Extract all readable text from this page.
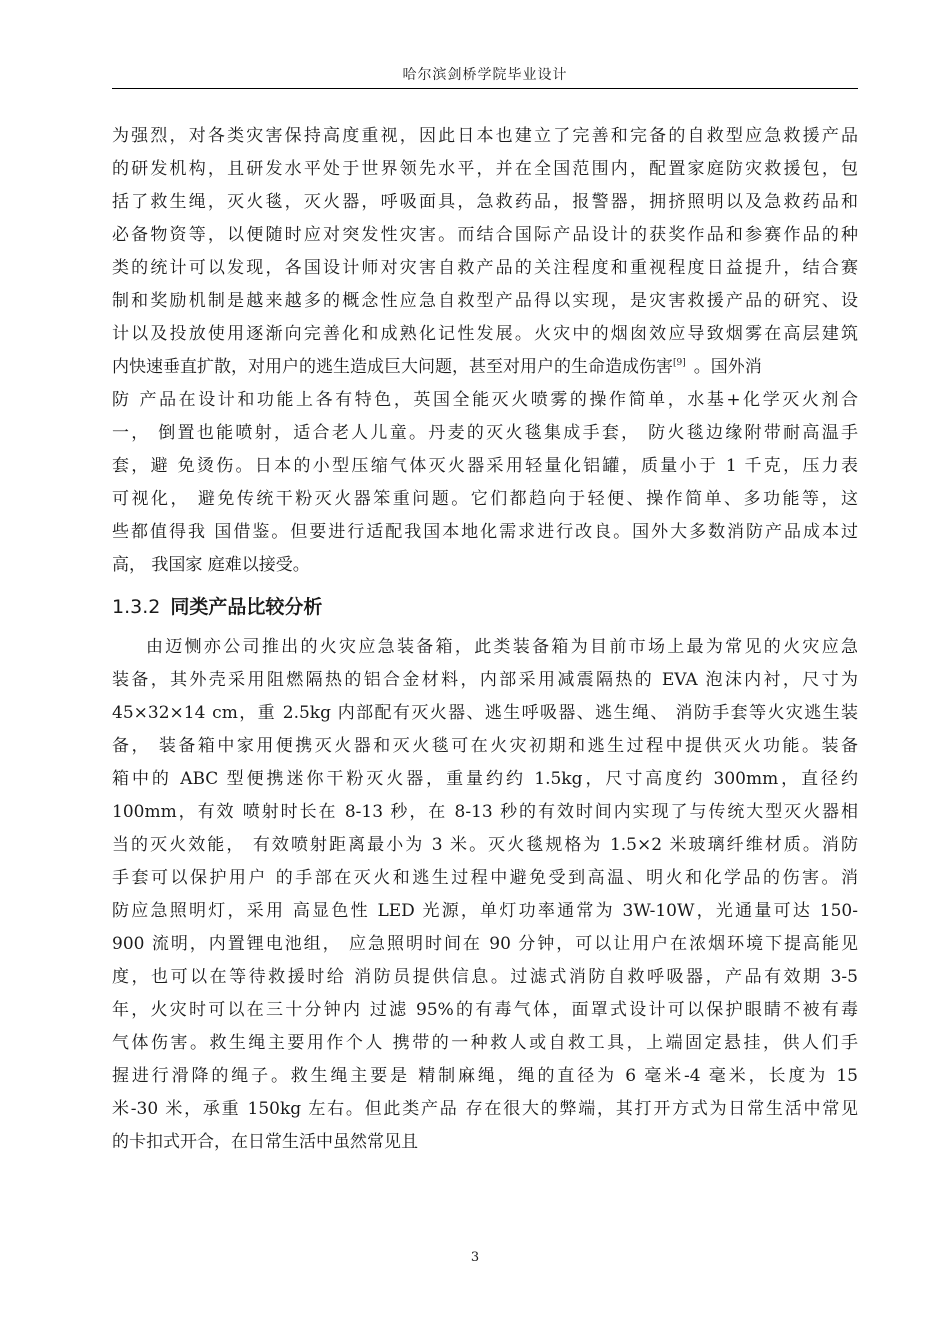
哈尔滨剑桥学院毕业设计
为强烈，对各类灾害保持高度重视，因此日本也建立了完善和完备的自救型应急救援产品
的研发机构，且研发水平处于世界领先水平，并在全国范围内，配置家庭防灾救援包，包
括了救生绳，灭火毯，灭火器，呼吸面具，急救药品，报警器，拥挤照明以及急救药品和
必备物资等，以便随时应对突发性灾害。而结合国际产品设计的获奖作品和参赛作品的种
类的统计可以发现，各国设计师对灾害自救产品的关注程度和重视程度日益提升，结合赛
制和奖励机制是越来越多的概念性应急自救型产品得以实现，是灾害救援产品的研究、设
计以及投放使用逐渐向完善化和成熟化记性发展。火灾中的烟囱效应导致烟雾在高层建筑
内快速垂直扩散，对用户的逃生造成巨大问题，甚至对用户的生命造成伤害[9] 。国外消
防 产品在设计和功能上各有特色，英国全能灭火喷雾的操作简单，水基+化学灭火剂合
一， 倒置也能喷射，适合老人儿童。丹麦的灭火毯集成手套， 防火毯边缘附带耐高温手
套，避 免烫伤。日本的小型压缩气体灭火器采用轻量化铝罐，质量小于 1 千克，压力表
可视化， 避免传统干粉灭火器笨重问题。它们都趋向于轻便、操作简单、多功能等，这
些都值得我 国借鉴。但要进行适配我国本地化需求进行改良。国外大多数消防产品成本过
高， 我国家 庭难以接受。
1.3.2 同类产品比较分析
由迈恻亦公司推出的火灾应急装备箱，此类装备箱为目前市场上最为常见的火灾应急
装备，其外壳采用阻燃隔热的铝合金材料，内部采用减震隔热的 EVA 泡沫内衬，尺寸为
45×32×14 cm，重 2.5kg 内部配有灭火器、逃生呼吸器、逃生绳、 消防手套等火灾逃生装
备， 装备箱中家用便携灭火器和灭火毯可在火灾初期和逃生过程中提供灭火功能。装备
箱中的 ABC 型便携迷你干粉灭火器，重量约约 1.5kg，尺寸高度约 300mm，直径约
100mm，有效 喷射时长在 8-13 秒，在 8-13 秒的有效时间内实现了与传统大型灭火器相
当的灭火效能， 有效喷射距离最小为 3 米。灭火毯规格为 1.5×2 米玻璃纤维材质。消防
手套可以保护用户 的手部在灭火和逃生过程中避免受到高温、明火和化学品的伤害。消
防应急照明灯，采用 高显色性 LED 光源，单灯功率通常为 3W-10W，光通量可达 150-
900 流明，内置锂电池组， 应急照明时间在 90 分钟，可以让用户在浓烟环境下提高能见
度，也可以在等待救援时给 消防员提供信息。过滤式消防自救呼吸器，产品有效期 3-5
年，火灾时可以在三十分钟内 过滤 95%的有毒气体，面罩式设计可以保护眼睛不被有毒
气体伤害。救生绳主要用作个人 携带的一种救人或自救工具，上端固定悬挂，供人们手
握进行滑降的绳子。救生绳主要是 精制麻绳，绳的直径为 6 毫米-4 毫米，长度为 15
米-30 米，承重 150kg 左右。但此类产品 存在很大的弊端，其打开方式为日常生活中常见
的卡扣式开合，在日常生活中虽然常见且
3
